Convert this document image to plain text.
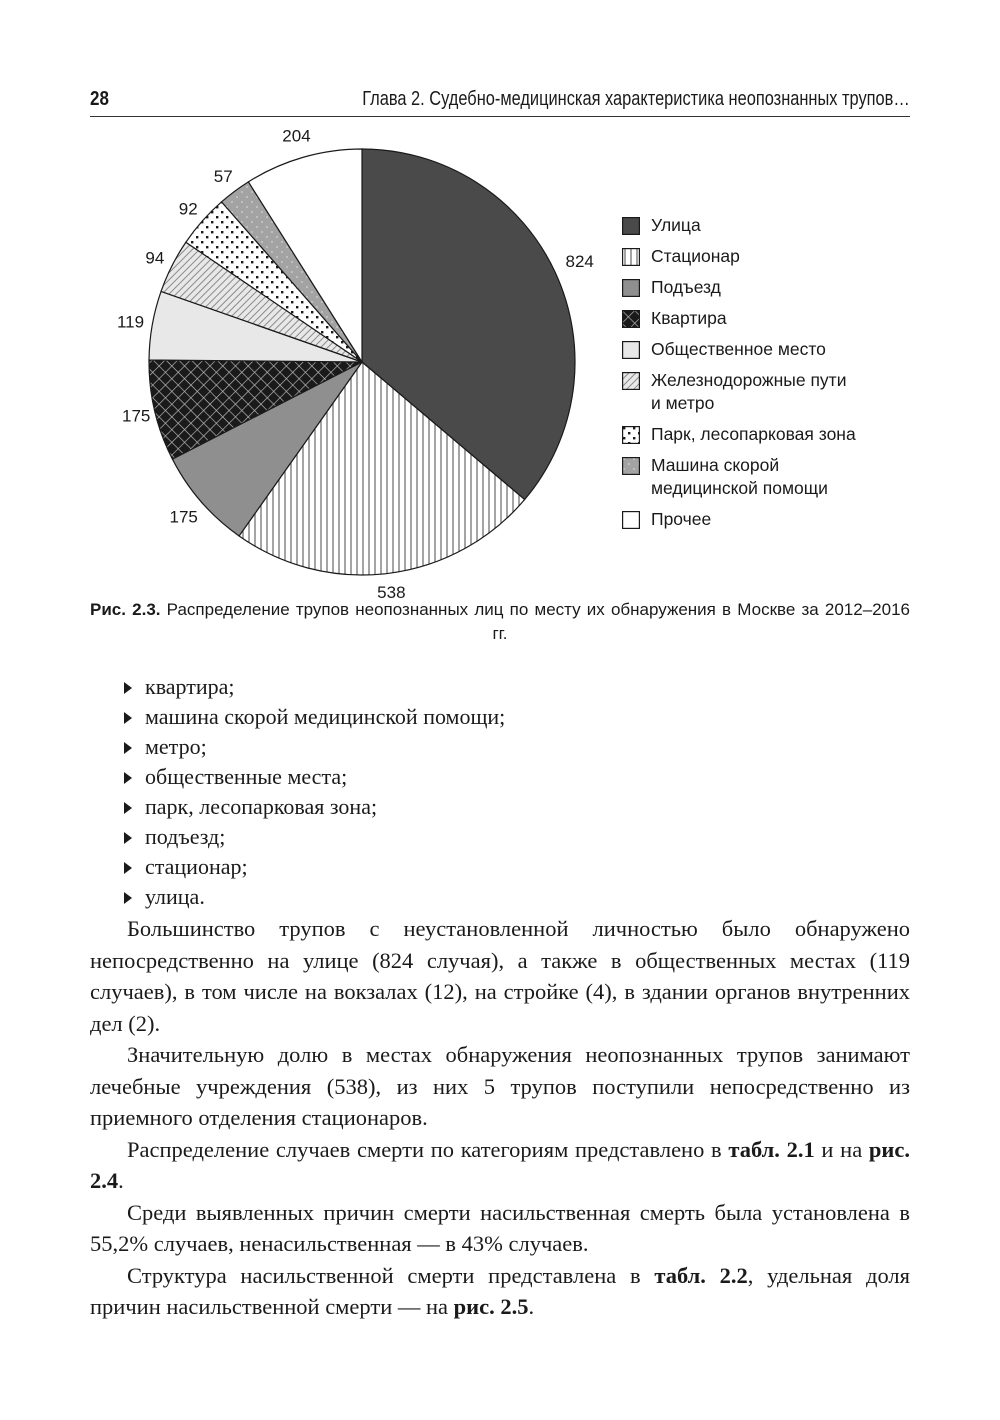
28	Глава 2. Судебно-медицинская характеристика неопознанных трупов…
824
538
175
175
119
94
92
57
204
Улица
Стационар
Подъезд
Квартира
Общественное место
Железнодорожные пути
и метро
Парк, лесопарковая зона
Машина скорой
медицинской помощи
Прочее
Рис. 2.3. Распределение трупов неопознанных лиц по месту их обнаружения в Москве за 2012–2016 гг.
квартира;
машина скорой медицинской помощи;
метро;
общественные места;
парк, лесопарковая зона;
подъезд;
стационар;
улица.

Большинство трупов с неустановленной личностью было обнаружено непосредственно на улице (824 случая), а также в общественных местах (119 случаев), в том числе на вокзалах (12), на стройке (4), в здании органов внутренних дел (2).

Значительную долю в местах обнаружения неопознанных трупов занимают лечебные учреждения (538), из них 5 трупов поступили непосредственно из приемного отделения стационаров.

Распределение случаев смерти по категориям представлено в табл. 2.1 и на рис. 2.4.

Среди выявленных причин смерти насильственная смерть была установлена в 55,2% случаев, ненасильственная — в 43% случаев.

Структура насильственной смерти представлена в табл. 2.2, удельная доля причин насильственной смерти — на рис. 2.5.
